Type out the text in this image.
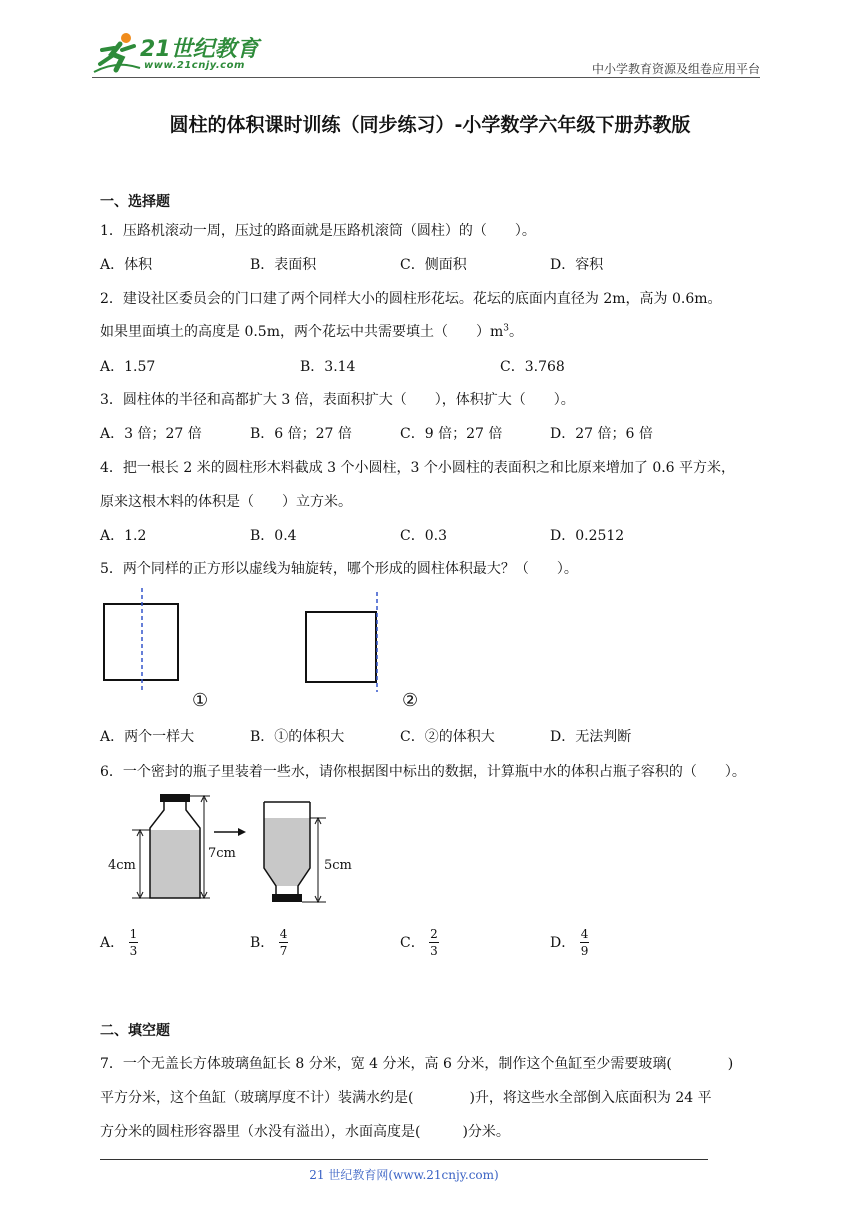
21世纪教育
www.21cnjy.com	中小学教育资源及组卷应用平台
圆柱的体积课时训练（同步练习）-小学数学六年级下册苏教版
一、选择题
1．压路机滚动一周，压过的路面就是压路机滚筒（圆柱）的（　　）。
A．体积	B．表面积	C．侧面积	D．容积
2．建设社区委员会的门口建了两个同样大小的圆柱形花坛。花坛的底面内直径为 2m，高为 0.6m。
如果里面填土的高度是 0.5m，两个花坛中共需要填土（　　）$m^3$。
A．1.57	B．3.14	C．3.768
3．圆柱体的半径和高都扩大 3 倍，表面积扩大（　　），体积扩大（　　）。
A．3 倍；27 倍	B．6 倍；27 倍	C．9 倍；27 倍	D．27 倍；6 倍
4．把一根长 2 米的圆柱形木料截成 3 个小圆柱，3 个小圆柱的表面积之和比原来增加了 0.6 平方米，
原来这根木料的体积是（　　）立方米。
A．1.2	B．0.4	C．0.3	D．0.2512
5．两个同样的正方形以虚线为轴旋转，哪个形成的圆柱体积最大？（　　）。
①	②
A．两个一样大	B．①的体积大	C．②的体积大	D．无法判断
6．一个密封的瓶子里装着一些水，请你根据图中标出的数据，计算瓶中水的体积占瓶子容积的（　　）。
4cm
7cm
5cm
A． $\frac{1}{3}$	B． $\frac{4}{7}$	C． $\frac{2}{3}$	D． $\frac{4}{9}$
二、填空题
7．一个无盖长方体玻璃鱼缸长 8 分米，宽 4 分米，高 6 分米，制作这个鱼缸至少需要玻璃(　　　　)
平方分米，这个鱼缸（玻璃厚度不计）装满水约是(　　　　)升，将这些水全部倒入底面积为 24 平
方分米的圆柱形容器里（水没有溢出），水面高度是(　　　)分米。
21 世纪教育网(www.21cnjy.com)
